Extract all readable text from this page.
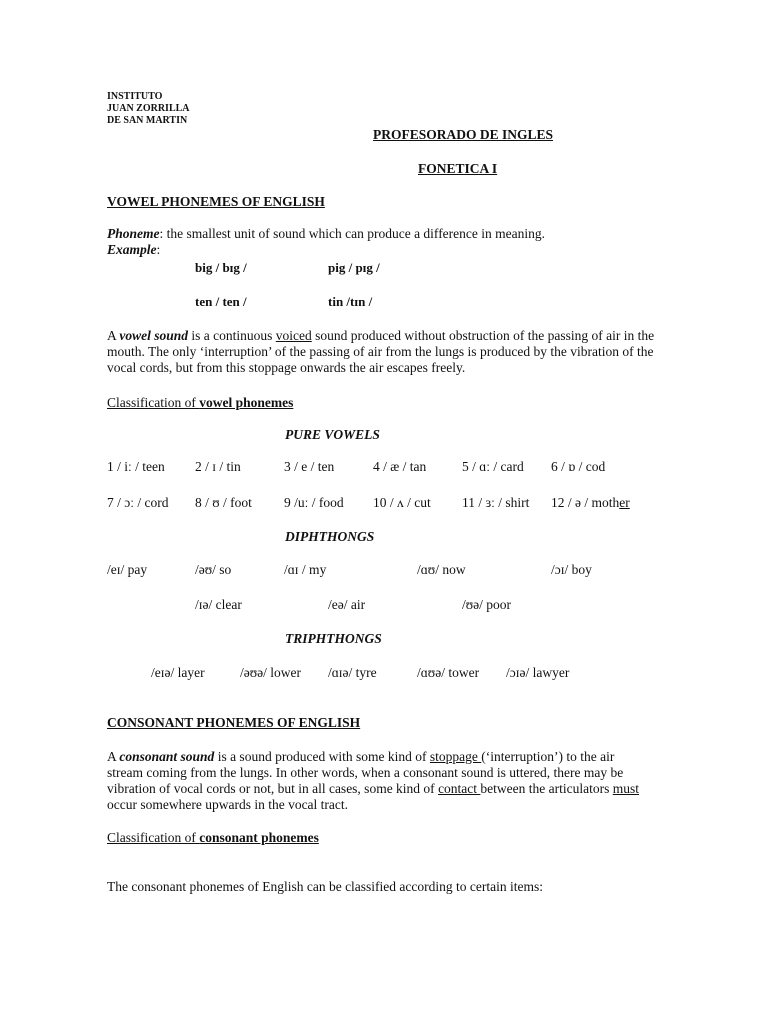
INSTITUTO
JUAN ZORRILLA
DE SAN MARTIN
PROFESORADO DE INGLES
FONETICA I
VOWEL PHONEMES OF ENGLISH
Phoneme: the smallest unit of sound which can produce a difference in meaning.
Example:
big / bɪg /	pig / pɪg /
ten / ten /	tin /tɪn /
A vowel sound is a continuous voiced sound produced without obstruction of the passing of air in the mouth. The only ‘interruption’ of the passing of air from the lungs is produced by the vibration of the vocal cords, but from this stoppage onwards the air escapes freely.
Classification of vowel phonemes
PURE VOWELS
1 / iː / teen 2 / ɪ / tin	3 / e / ten	4 / æ / tan	5 / ɑː / card 6 / ɒ / cod
7 / ɔː / cord 8 / ʊ / foot 9 /uː / food 10 / ʌ / cut 11 / ɜː / shirt 12 / ə / mother
DIPHTHONGS
/eɪ/ pay	/əʊ/ so	/ɑɪ / my	/ɑʊ/ now	/ɔɪ/ boy
/ɪə/ clear	/eə/ air	/ʊə/ poor
TRIPHTHONGS
/eɪə/ layer	/əʊə/ lower /ɑɪə/ tyre	/ɑʊə/ tower /ɔɪə/ lawyer
CONSONANT PHONEMES OF ENGLISH
A consonant sound is a sound produced with some kind of stoppage (‘interruption’) to the air stream coming from the lungs. In other words, when a consonant sound is uttered, there may be vibration of vocal cords or not, but in all cases, some kind of contact between the articulators must occur somewhere upwards in the vocal tract.
Classification of consonant phonemes
The consonant phonemes of English can be classified according to certain items:
